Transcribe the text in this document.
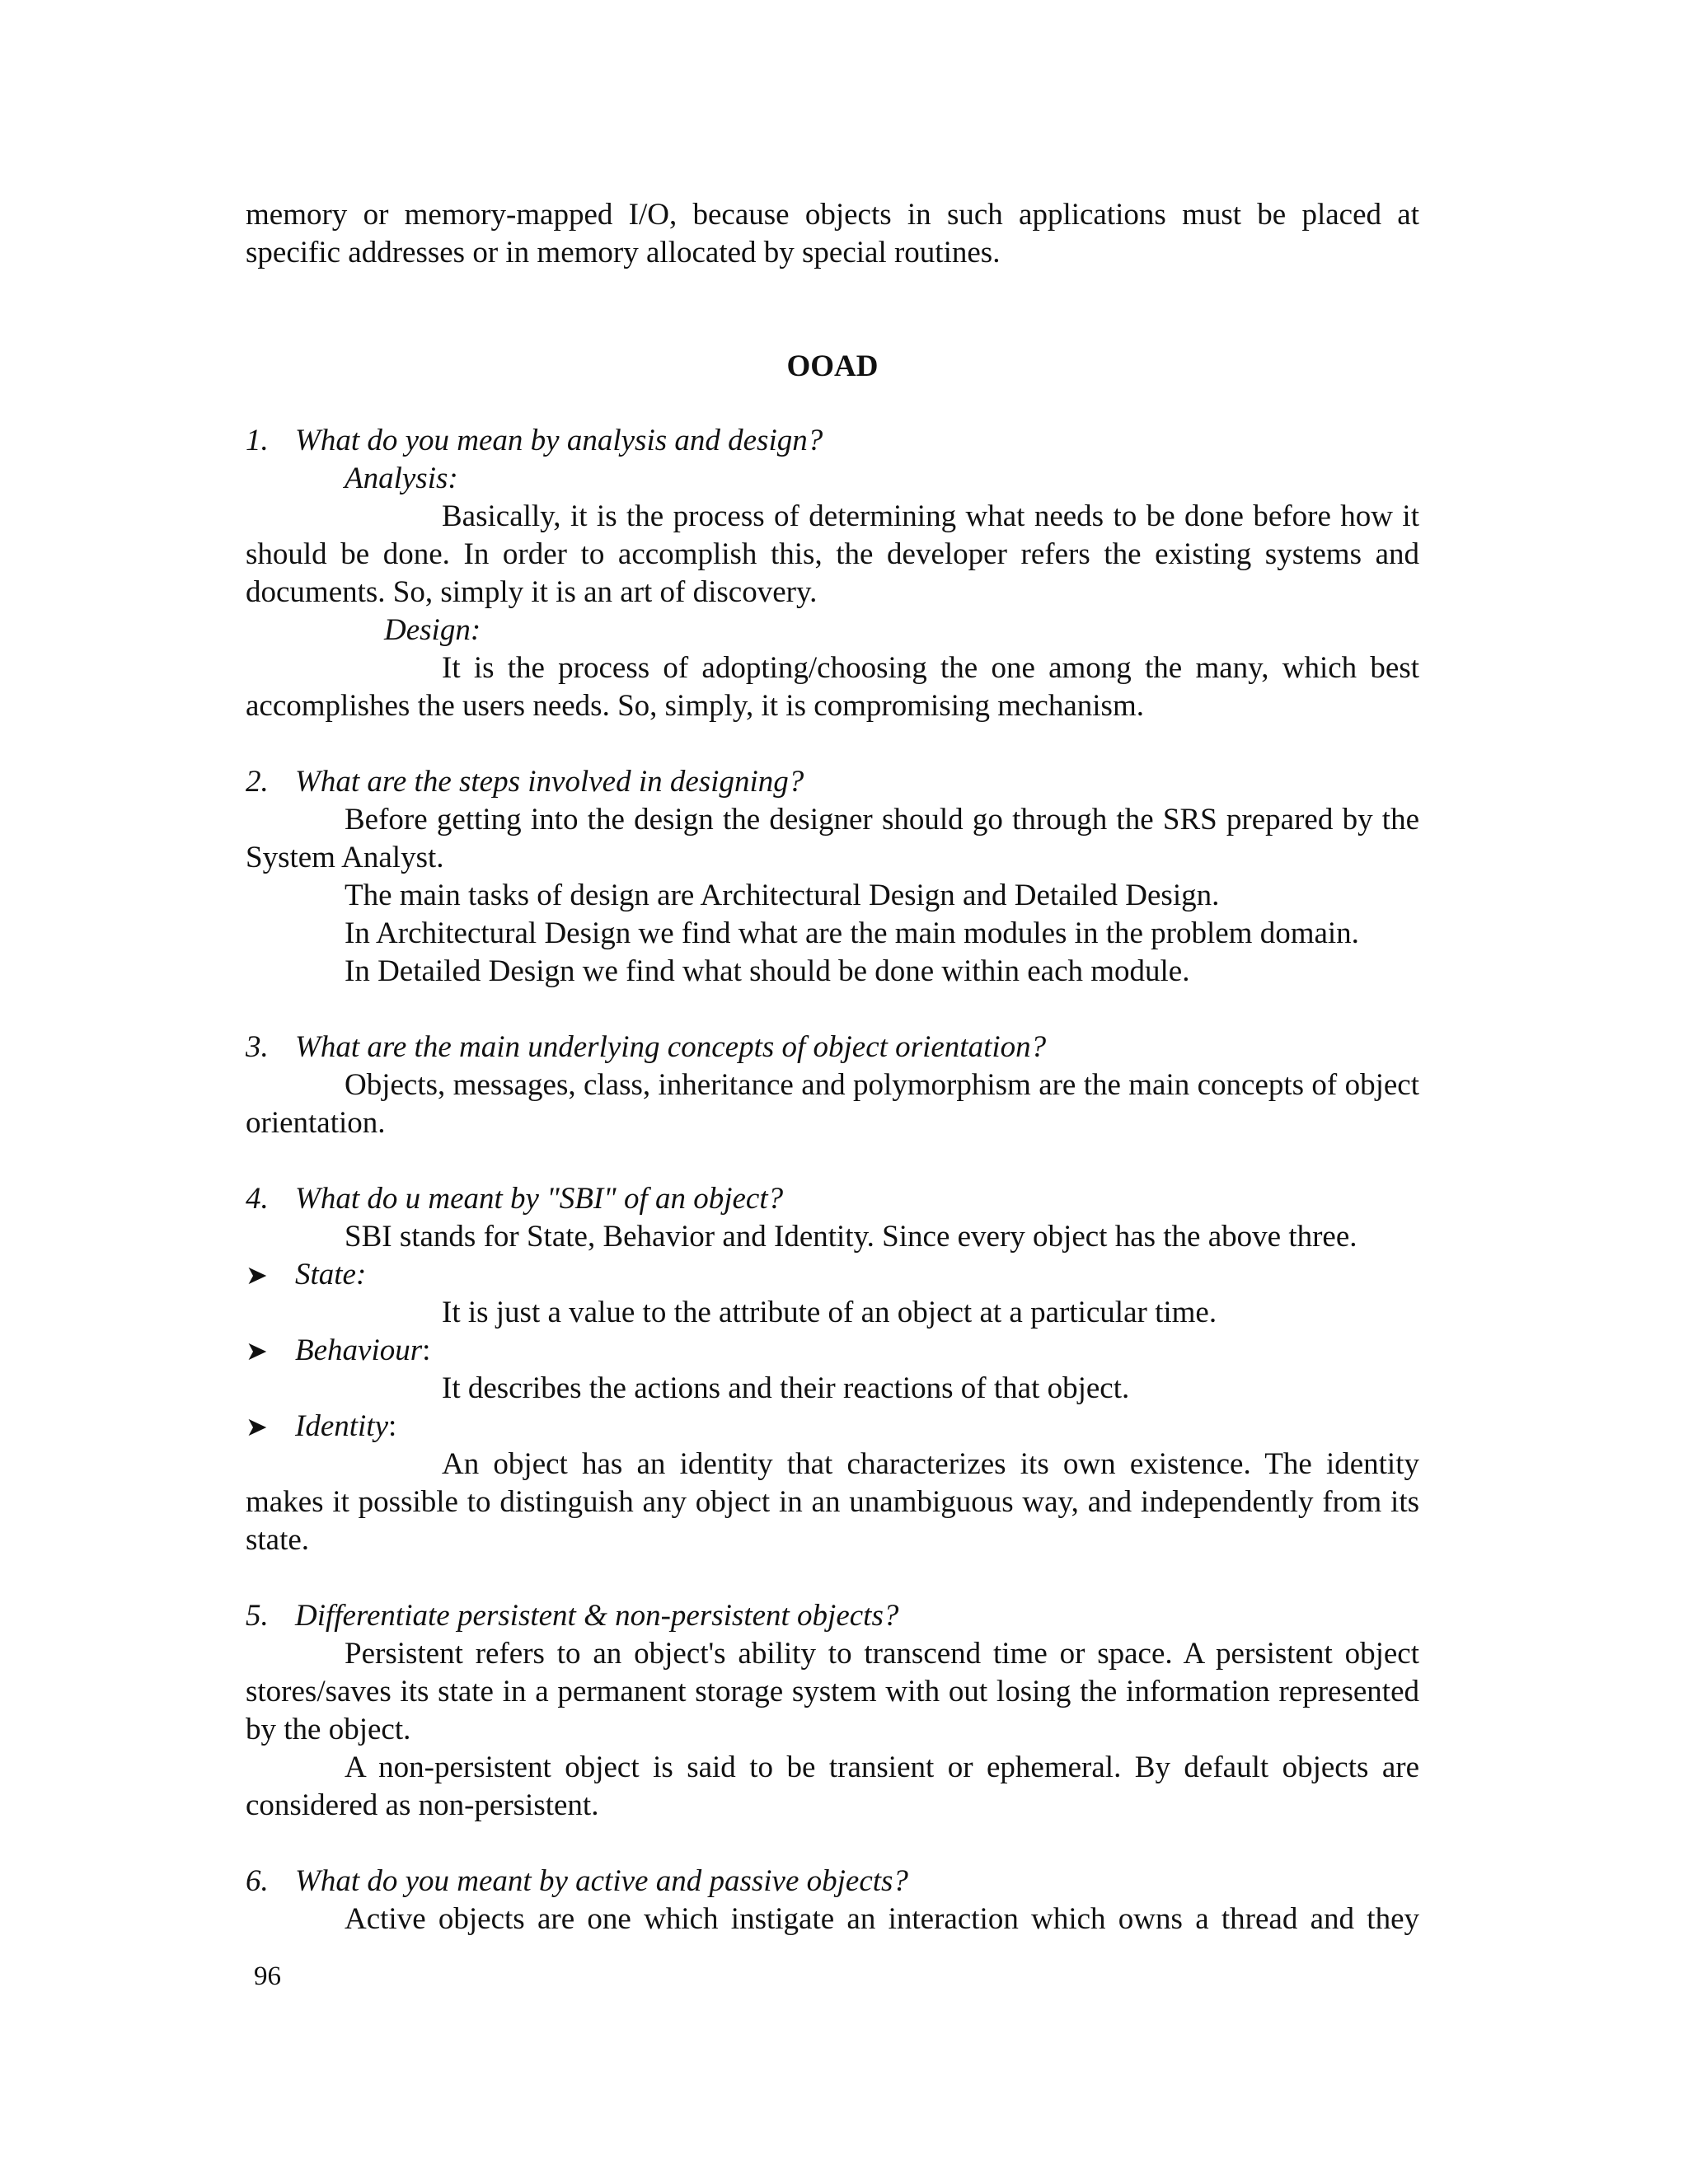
memory or memory-mapped I/O, because objects in such applications must be placed at

specific addresses or in memory allocated by special routines.

OOAD

1. What do you mean by analysis and design?

Analysis:

Basically, it is the process of determining what needs to be done before how it should be done. In order to accomplish this, the developer refers the existing systems and documents. So, simply it is an art of discovery.

Design:

It is the process of adopting/choosing the one among the many, which best accomplishes the users needs. So, simply, it is compromising mechanism.

2. What are the steps involved in designing?

Before getting into the design the designer should go through the SRS prepared by the System Analyst.

The main tasks of design are Architectural Design and Detailed Design.

In Architectural Design we find what are the main modules in the problem domain.

In Detailed Design we find what should be done within each module.

3. What are the main underlying concepts of object orientation?

Objects, messages, class, inheritance and polymorphism are the main concepts of object orientation.

4. What do u meant by "SBI" of an object?

SBI stands for State, Behavior and Identity. Since every object has the above three.

➤ State:

It is just a value to the attribute of an object at a particular time.

➤ Behaviour:

It describes the actions and their reactions of that object.

➤ Identity:

An object has an identity that characterizes its own existence. The identity makes it possible to distinguish any object in an unambiguous way, and independently from its state.

5. Differentiate persistent & non-persistent objects?

Persistent refers to an object's ability to transcend time or space. A persistent object stores/saves its state in a permanent storage system with out losing the information represented by the object.

A non-persistent object is said to be transient or ephemeral. By default objects are considered as non-persistent.

6. What do you meant by active and passive objects?

Active objects are one which instigate an interaction which owns a thread and they

96
